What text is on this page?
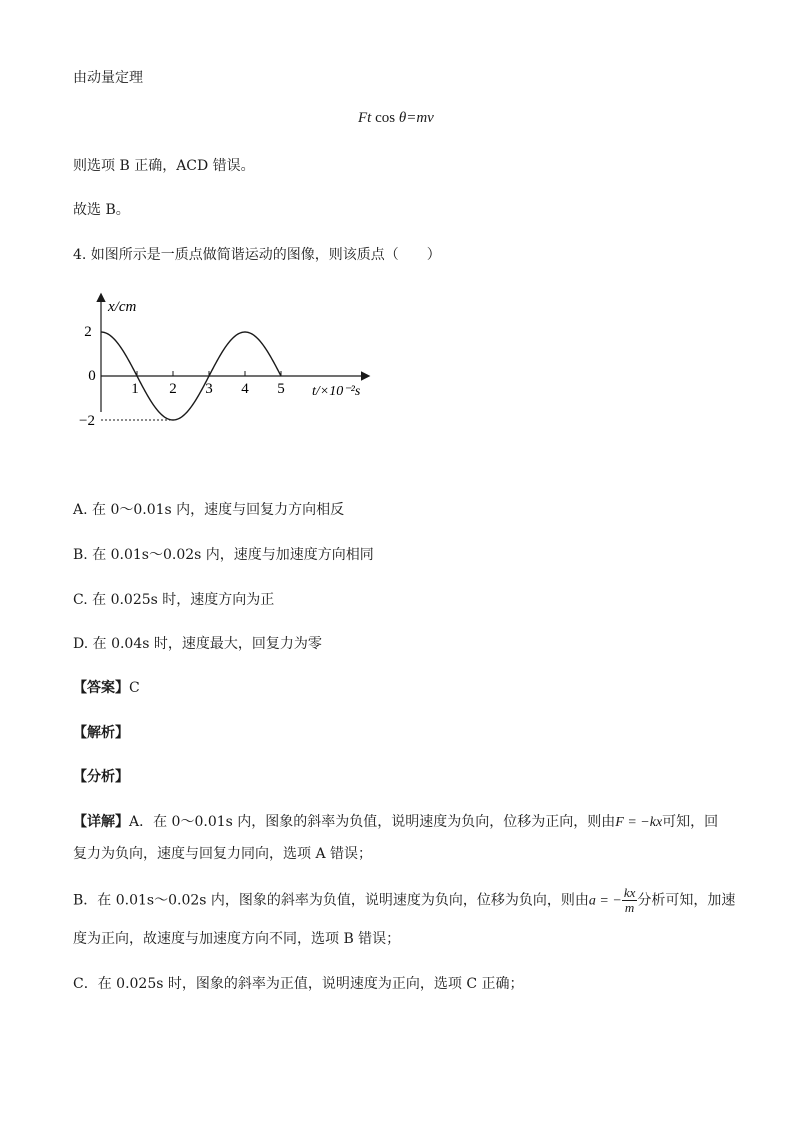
由动量定理
Ft cos θ=mv
则选项 B 正确，ACD 错误。
故选 B。
4. 如图所示是一质点做简谐运动的图像，则该质点（　　）
1 2 3 4 5
2
0
−2
x/cm
t/×10⁻²s
A. 在 0～0.01s 内，速度与回复力方向相反
B. 在 0.01s～0.02s 内，速度与加速度方向相同
C. 在 0.025s 时，速度方向为正
D. 在 0.04s 时，速度最大，回复力为零
【答案】C
【解析】
【分析】
【详解】A．在 0～0.01s 内，图象的斜率为负值，说明速度为负向，位移为正向，则由F = −kx可知，回
复力为负向，速度与回复力同向，选项 A 错误；
B．在 0.01s～0.02s 内，图象的斜率为负值，说明速度为负向，位移为负向，则由a = − $\frac{kx}{m}$ 分析可知，加速
度为正向，故速度与加速度方向不同，选项 B 错误；
C．在 0.025s 时，图象的斜率为正值，说明速度为正向，选项 C 正确；
